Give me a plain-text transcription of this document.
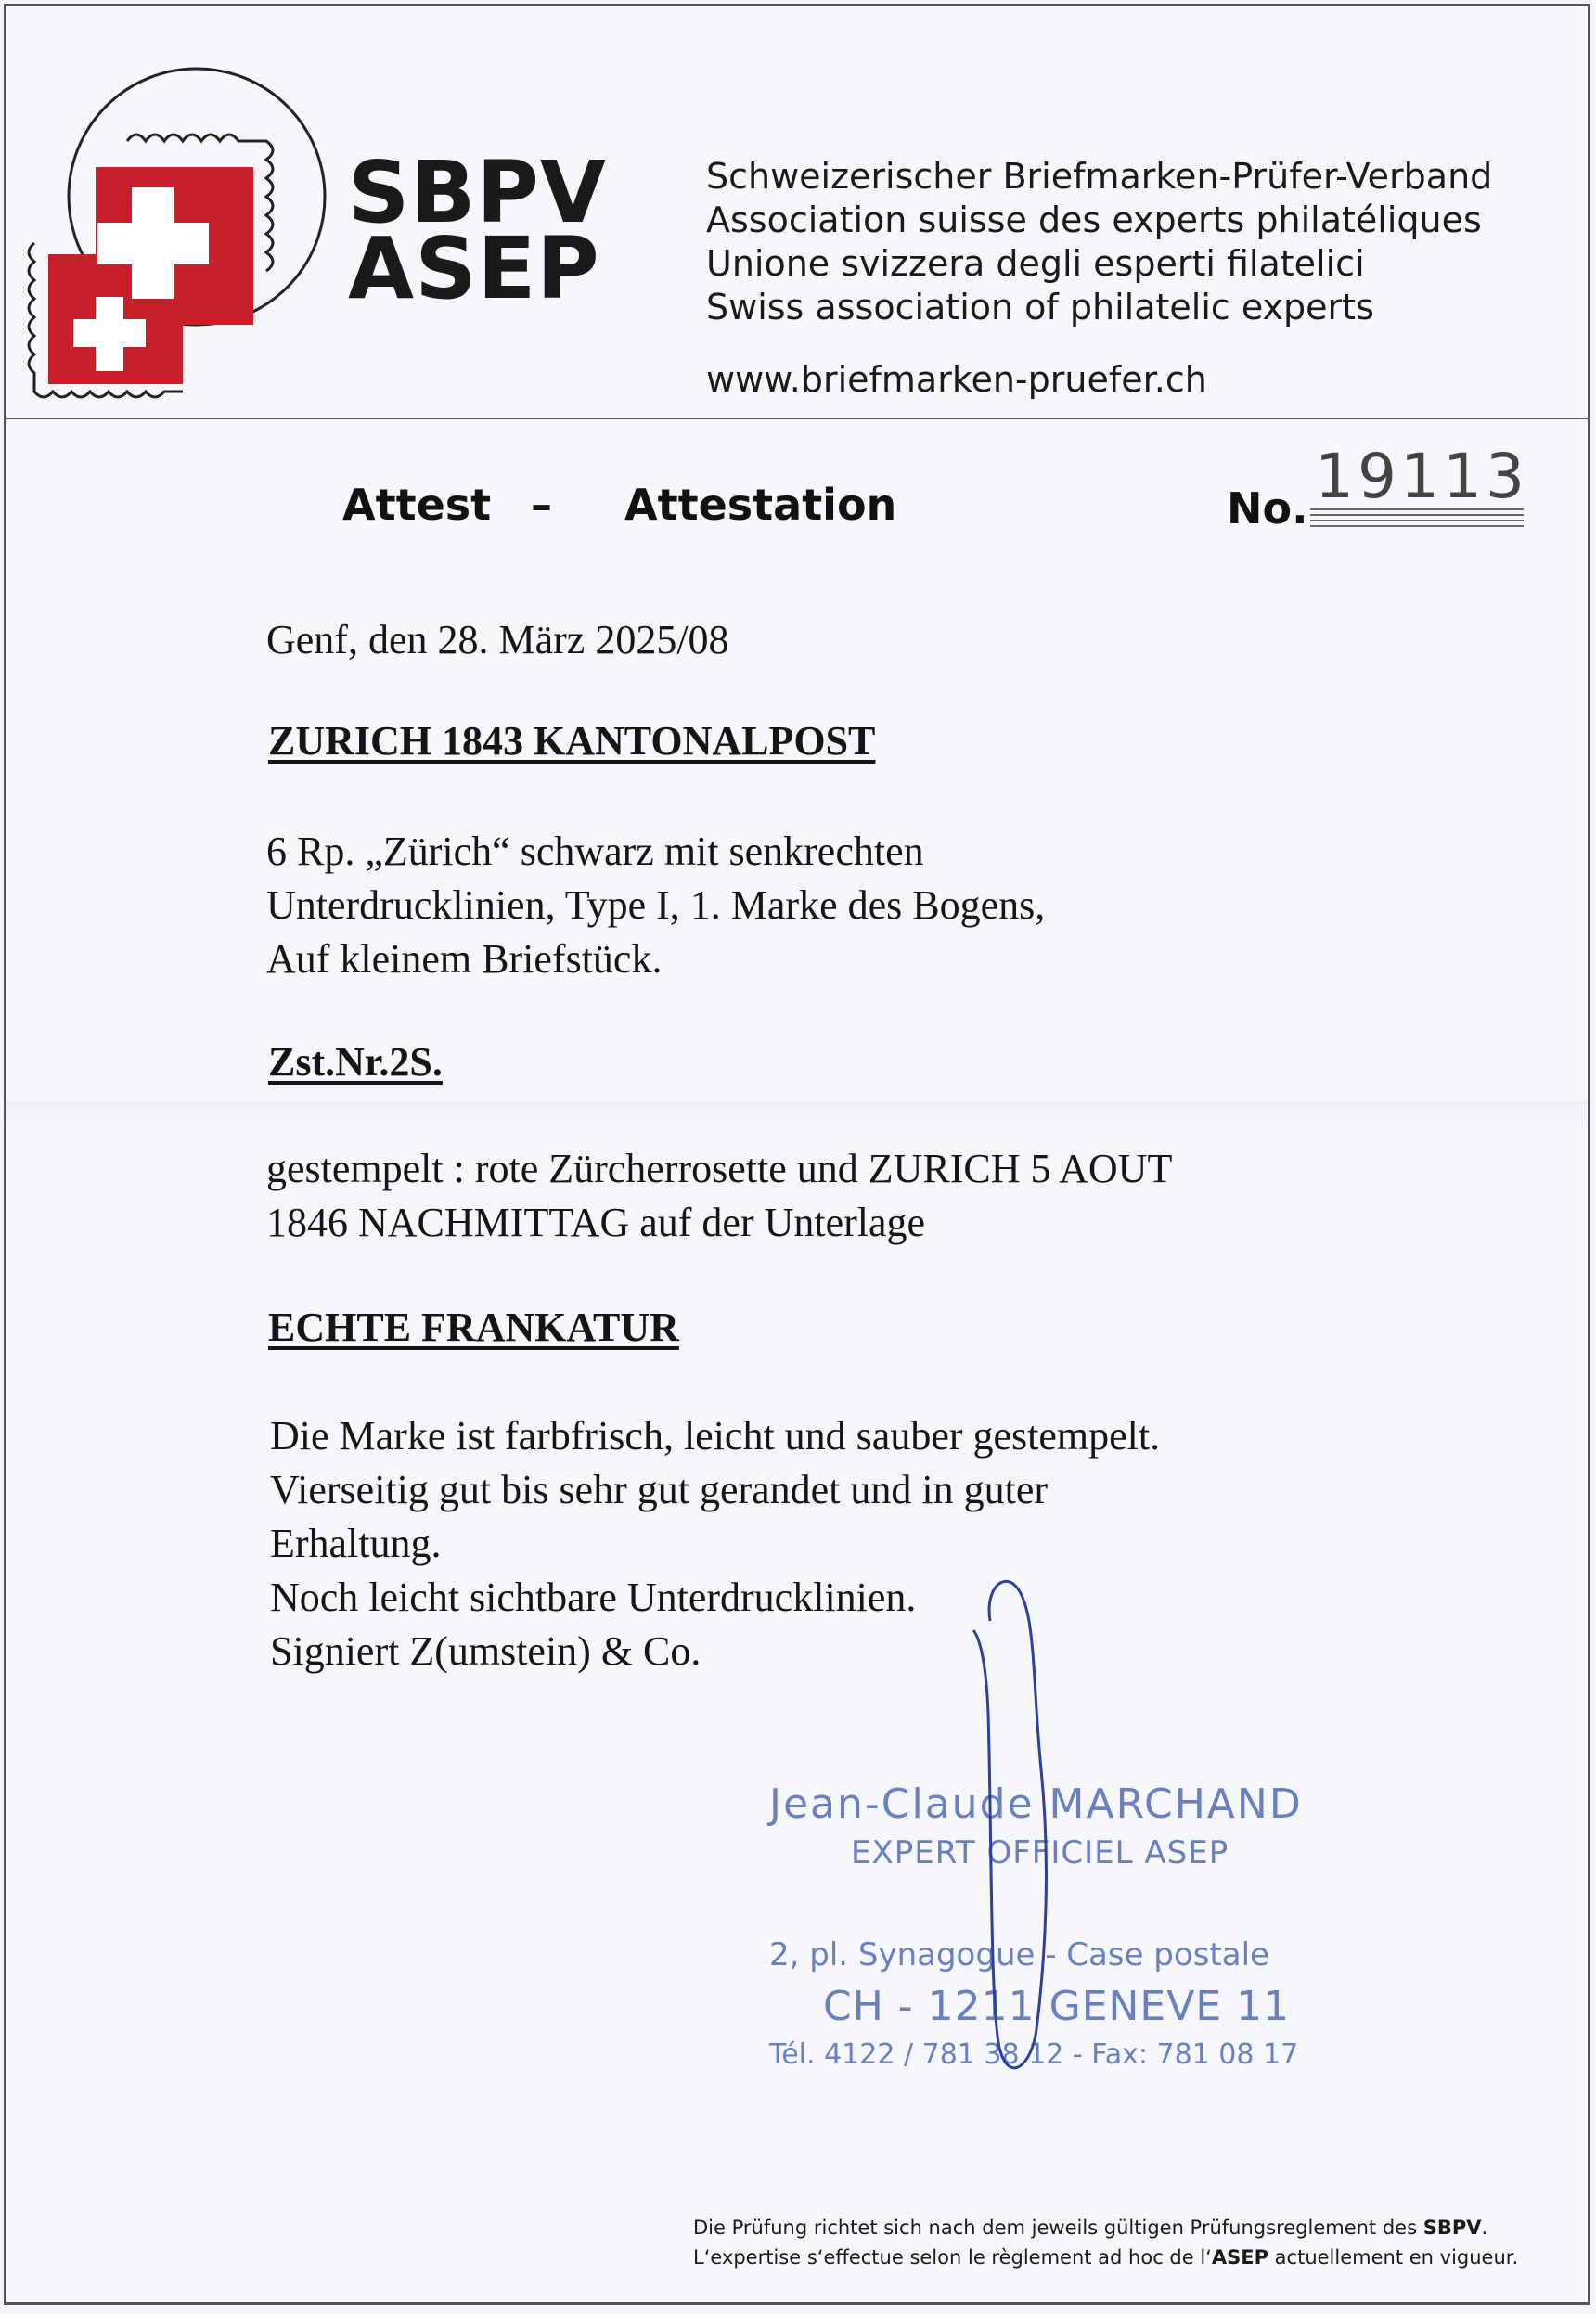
SBPV
ASEP
Schweizerischer Briefmarken-Prüfer-Verband
Association suisse des experts philatéliques
Unione svizzera degli esperti filatelici
Swiss association of philatelic experts
www.briefmarken-pruefer.ch
Attest – Attestation	No. 19113
Genf, den 28. März 2025/08
ZURICH 1843 KANTONALPOST
6 Rp. „Zürich“ schwarz mit senkrechten
Unterdrucklinien, Type I, 1. Marke des Bogens,
Auf kleinem Briefstück.
Zst.Nr.2S.
gestempelt : rote Zürcherrosette und ZURICH 5 AOUT
1846 NACHMITTAG auf der Unterlage
ECHTE FRANKATUR
Die Marke ist farbfrisch, leicht und sauber gestempelt.
Vierseitig gut bis sehr gut gerandet und in guter
Erhaltung.
Noch leicht sichtbare Unterdrucklinien.
Signiert Z(umstein) & Co.
Jean-Claude MARCHAND
EXPERT OFFICIEL ASEP
2, pl. Synagogue - Case postale
CH - 1211 GENEVE 11
Tél. 4122 / 781 38 12 - Fax: 781 08 17
Die Prüfung richtet sich nach dem jeweils gültigen Prüfungsreglement des SBPV.
L‘expertise s‘effectue selon le règlement ad hoc de l‘ASEP actuellement en vigueur.
